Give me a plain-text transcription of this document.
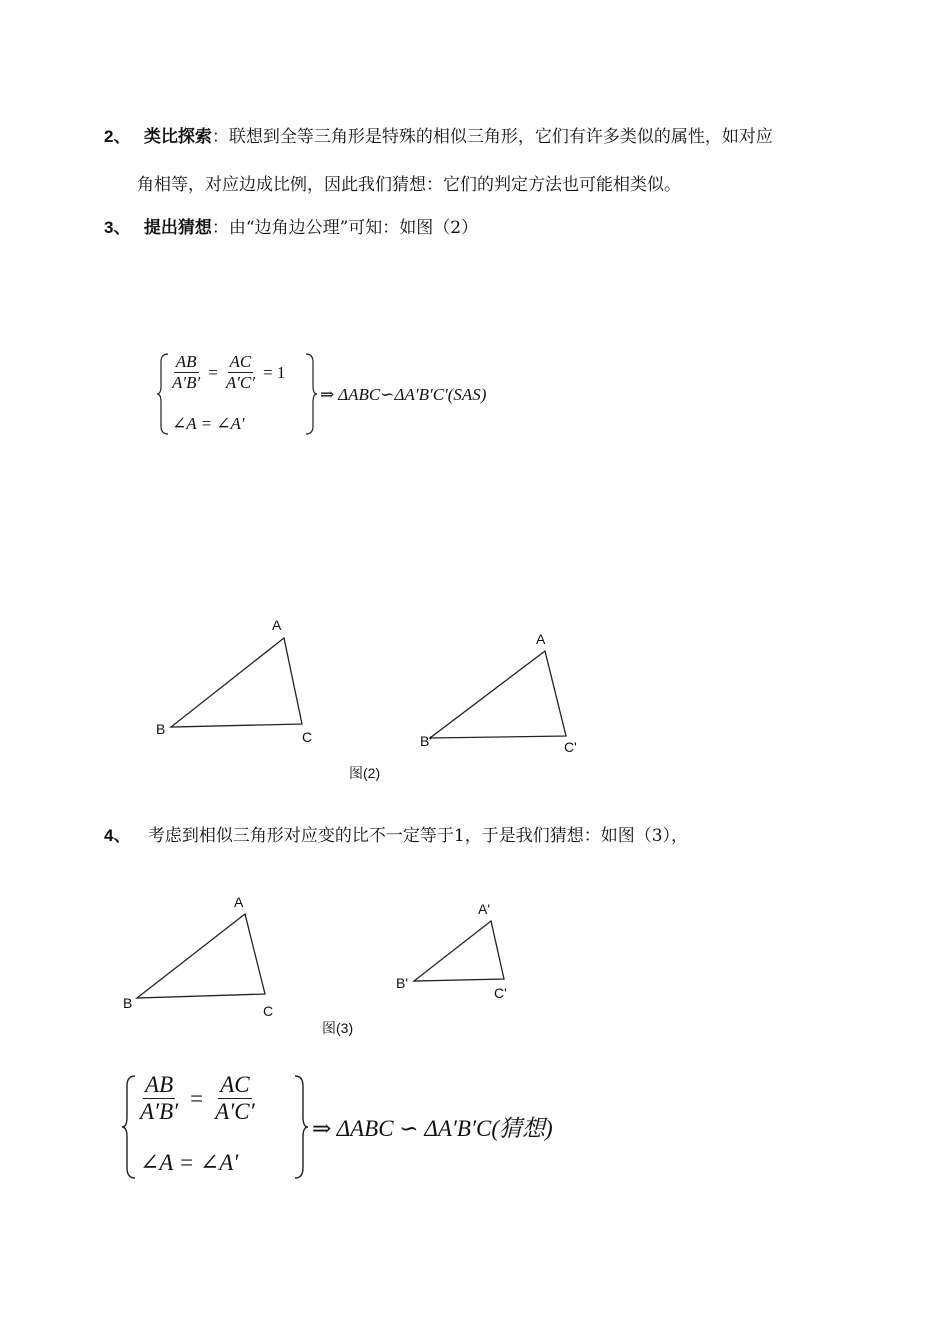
2、 类比探索：联想到全等三角形是特殊的相似三角形，它们有许多类似的属性，如对应
角相等，对应边成比例，因此我们猜想：它们的判定方法也可能相类似。
3、 提出猜想：由“边角边公理”可知：如图（2）
$\frac{AB}{A'B'} = \frac{AC}{A'C'} = 1$
∠A = ∠A′
⇒ ΔABC∽ΔA′B′C′(SAS)
A
B	C
A
B'	C'
图(2)
4、 考虑到相似三角形对应变的比不一定等于1，于是我们猜想：如图（3），
A
B	C
A'
B'
C'
图(3)
$\frac{AB}{A'B'} = \frac{AC}{A'C'}$
∠A = ∠A′
⇒ ΔABC ∽ ΔA′B′C(猜想)
